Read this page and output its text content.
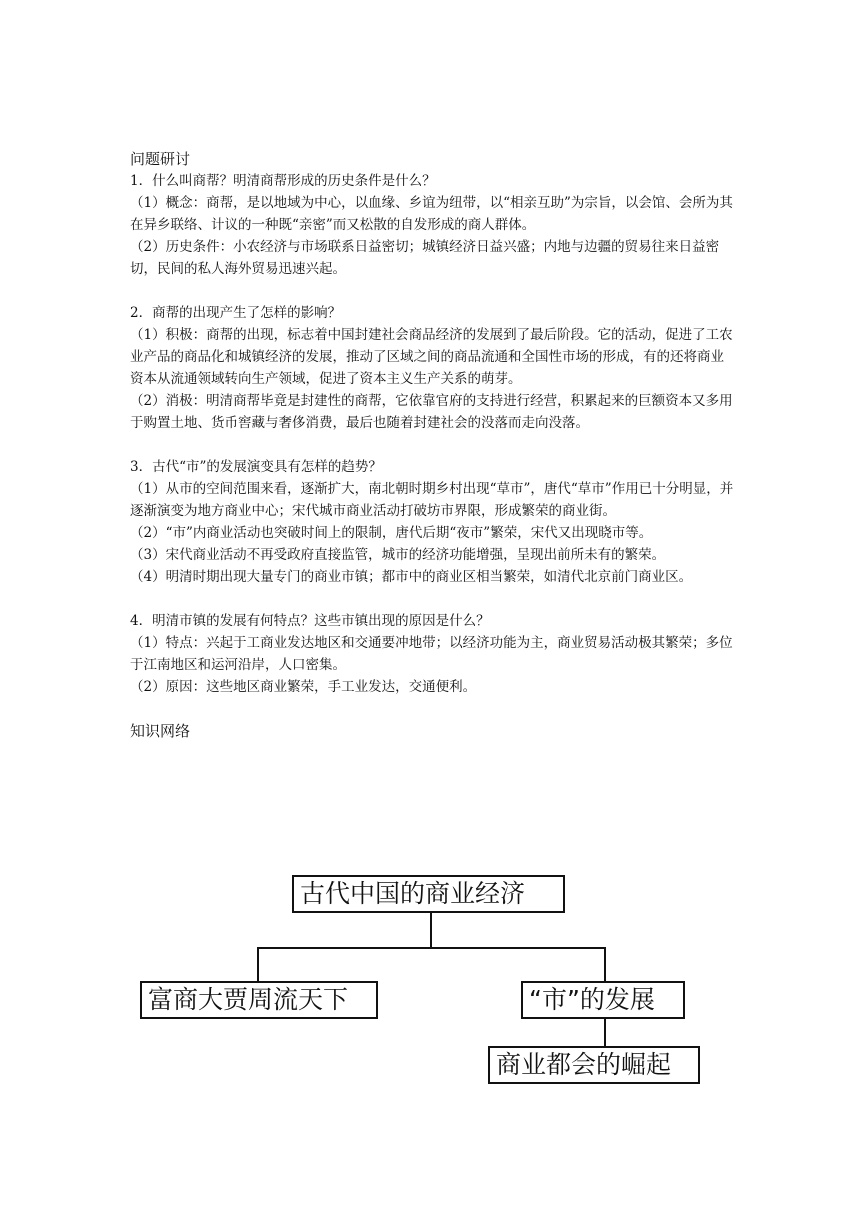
问题研讨

1．什么叫商帮？明清商帮形成的历史条件是什么？

（1）概念：商帮，是以地域为中心，以血缘、乡谊为纽带，以“相亲互助”为宗旨，以会馆、会所为其在异乡联络、计议的一种既“亲密”而又松散的自发形成的商人群体。

（2）历史条件：小农经济与市场联系日益密切；城镇经济日益兴盛；内地与边疆的贸易往来日益密切，民间的私人海外贸易迅速兴起。

2．商帮的出现产生了怎样的影响？

（1）积极：商帮的出现，标志着中国封建社会商品经济的发展到了最后阶段。它的活动，促进了工农业产品的商品化和城镇经济的发展，推动了区域之间的商品流通和全国性市场的形成，有的还将商业资本从流通领域转向生产领域，促进了资本主义生产关系的萌芽。

（2）消极：明清商帮毕竟是封建性的商帮，它依靠官府的支持进行经营，积累起来的巨额资本又多用于购置土地、货币窖藏与奢侈消费，最后也随着封建社会的没落而走向没落。

3．古代“市”的发展演变具有怎样的趋势？

（1）从市的空间范围来看，逐渐扩大，南北朝时期乡村出现“草市”，唐代“草市”作用已十分明显，并逐渐演变为地方商业中心；宋代城市商业活动打破坊市界限，形成繁荣的商业街。

（2）“市”内商业活动也突破时间上的限制，唐代后期“夜市”繁荣，宋代又出现晓市等。

（3）宋代商业活动不再受政府直接监管，城市的经济功能增强，呈现出前所未有的繁荣。

（4）明清时期出现大量专门的商业市镇；都市中的商业区相当繁荣，如清代北京前门商业区。

4．明清市镇的发展有何特点？这些市镇出现的原因是什么？

（1）特点：兴起于工商业发达地区和交通要冲地带；以经济功能为主，商业贸易活动极其繁荣；多位于江南地区和运河沿岸，人口密集。

（2）原因：这些地区商业繁荣，手工业发达，交通便利。

知识网络

古代中国的商业经济
富商大贾周流天下	“市”的发展
商业都会的崛起
